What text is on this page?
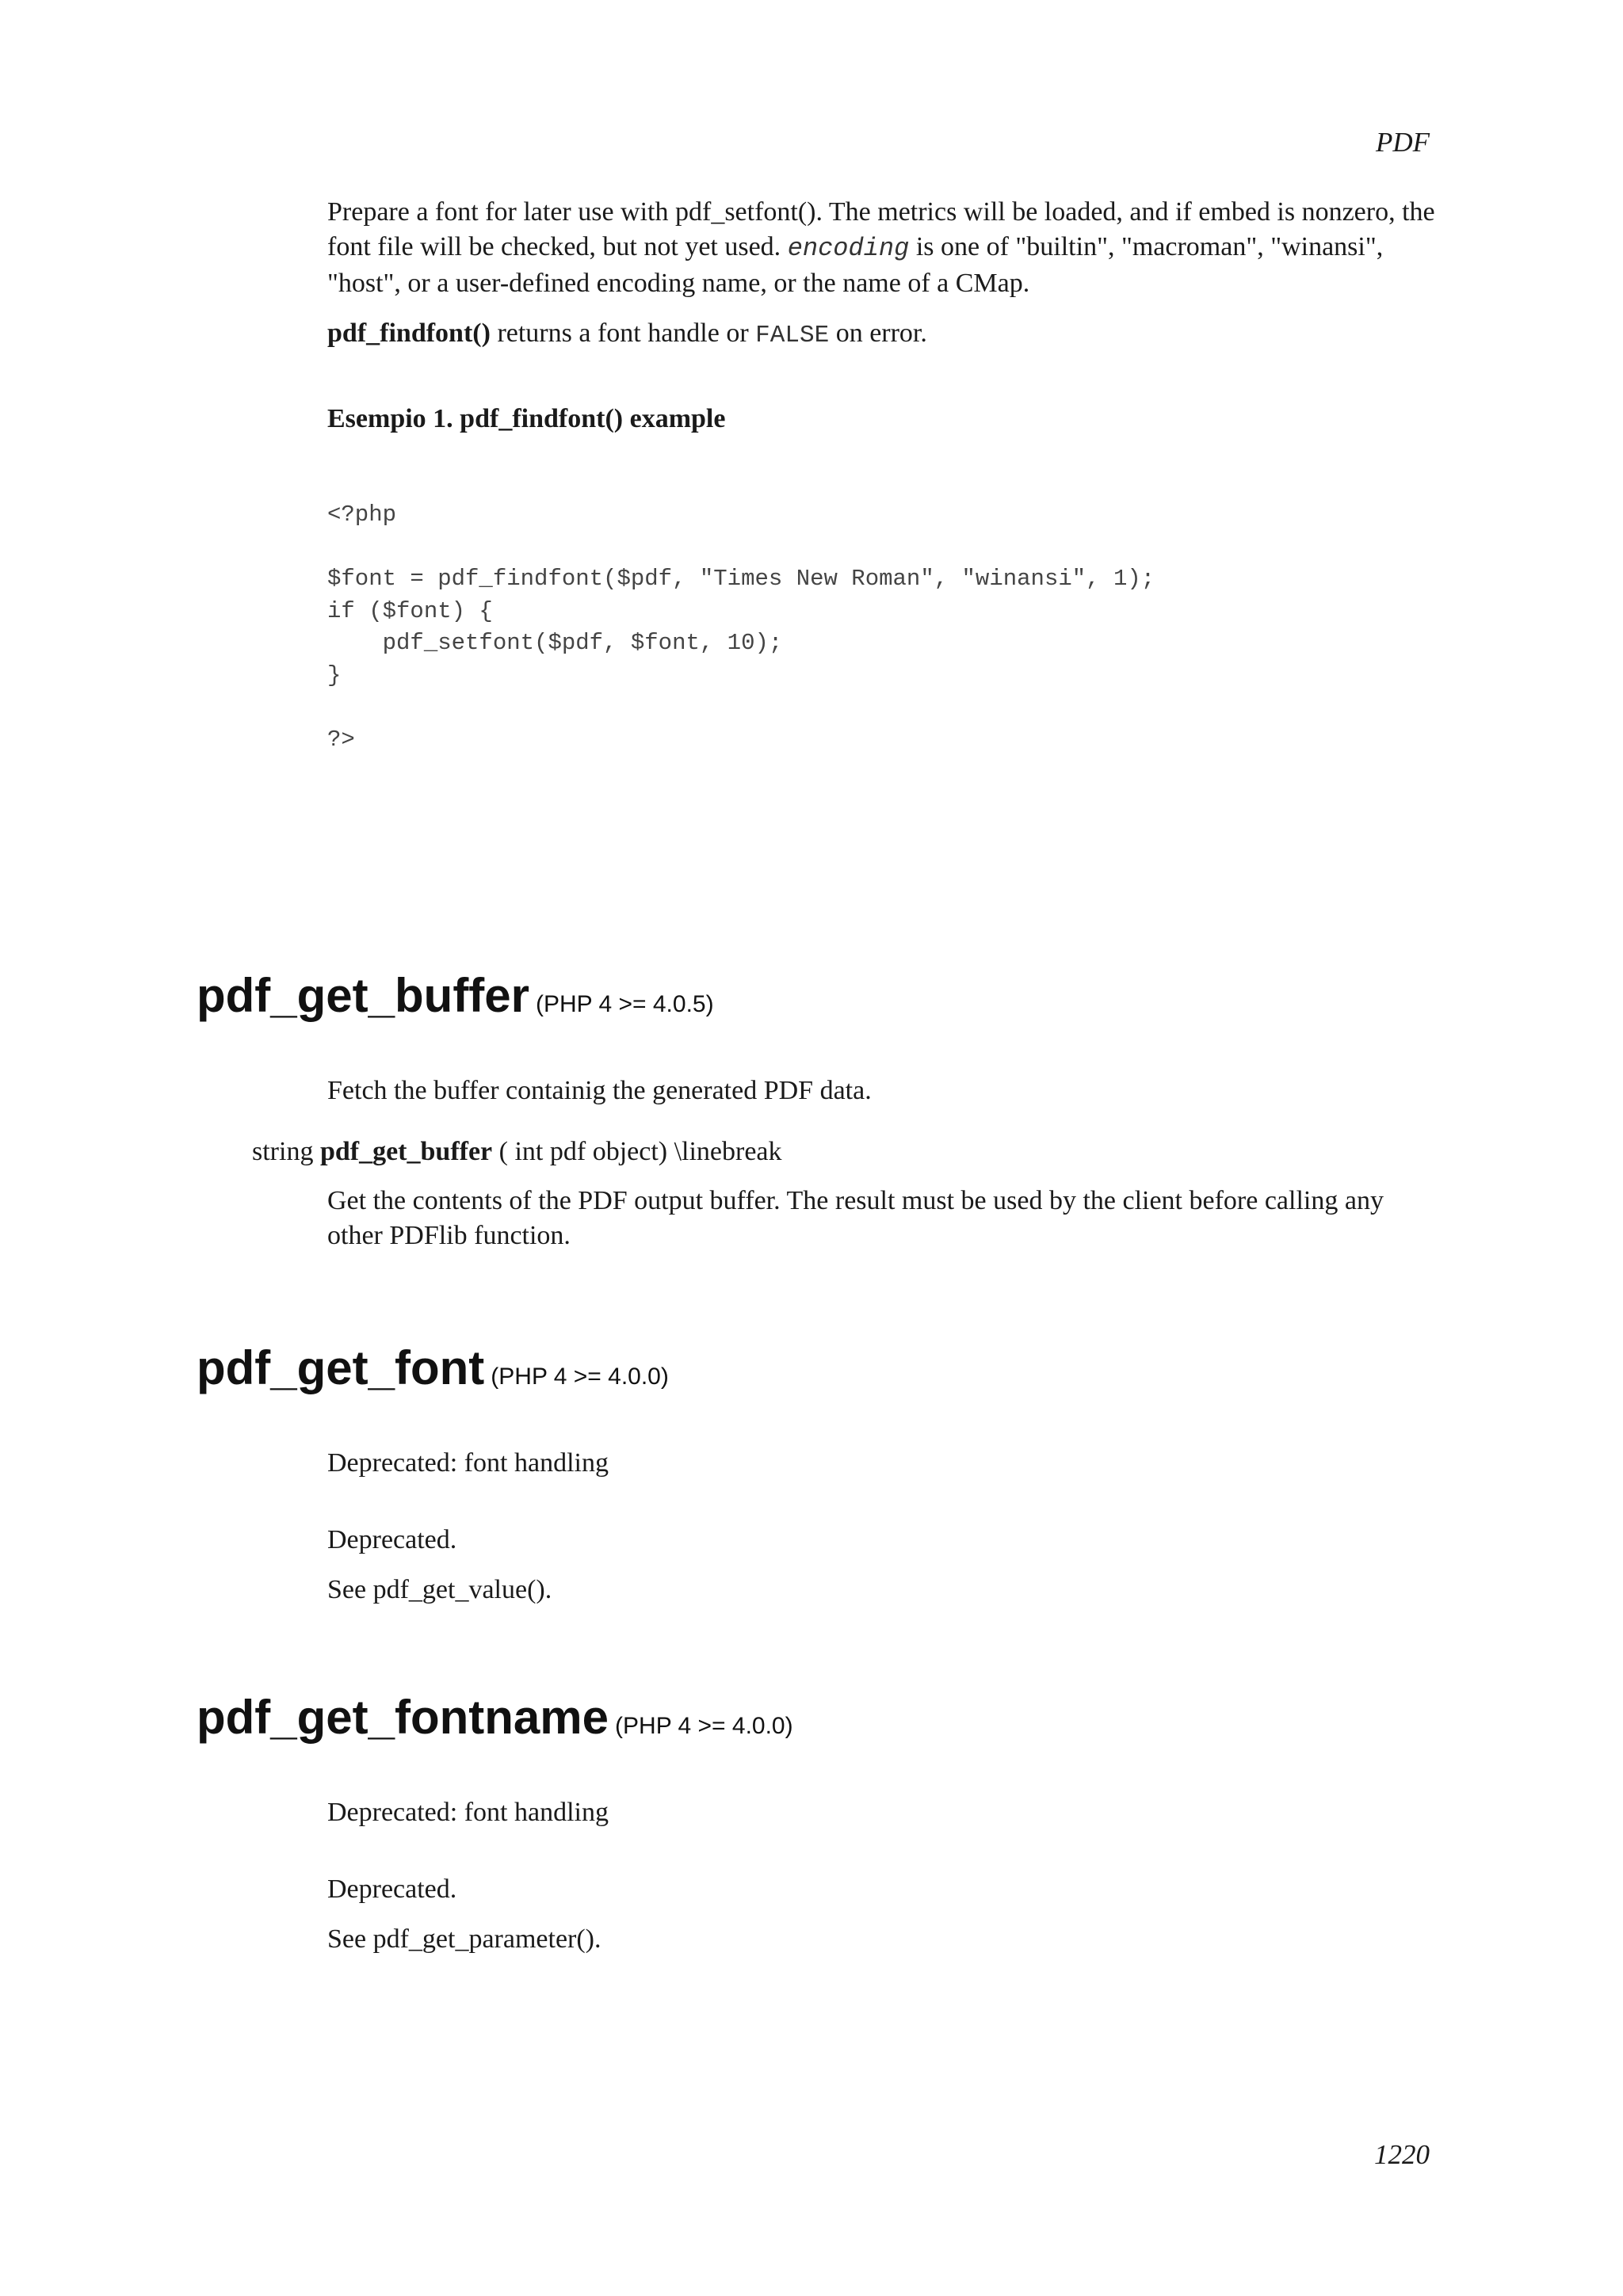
PDF
Prepare a font for later use with pdf_setfont(). The metrics will be loaded, and if embed is nonzero, the font file will be checked, but not yet used. encoding is one of "builtin", "macroman", "winansi", "host", or a user-defined encoding name, or the name of a CMap.
pdf_findfont() returns a font handle or FALSE on error.
Esempio 1. pdf_findfont() example
<?php

$font = pdf_findfont($pdf, "Times New Roman", "winansi", 1);
if ($font) {
pdf_setfont($pdf, $font, 10);
}

?>
pdf_get_buffer (PHP 4 >= 4.0.5)
Fetch the buffer containig the generated PDF data.
string pdf_get_buffer ( int pdf object) \linebreak
Get the contents of the PDF output buffer. The result must be used by the client before calling any other PDFlib function.
pdf_get_font (PHP 4 >= 4.0.0)
Deprecated: font handling
Deprecated.
See pdf_get_value().
pdf_get_fontname (PHP 4 >= 4.0.0)
Deprecated: font handling
Deprecated.
See pdf_get_parameter().
1220
